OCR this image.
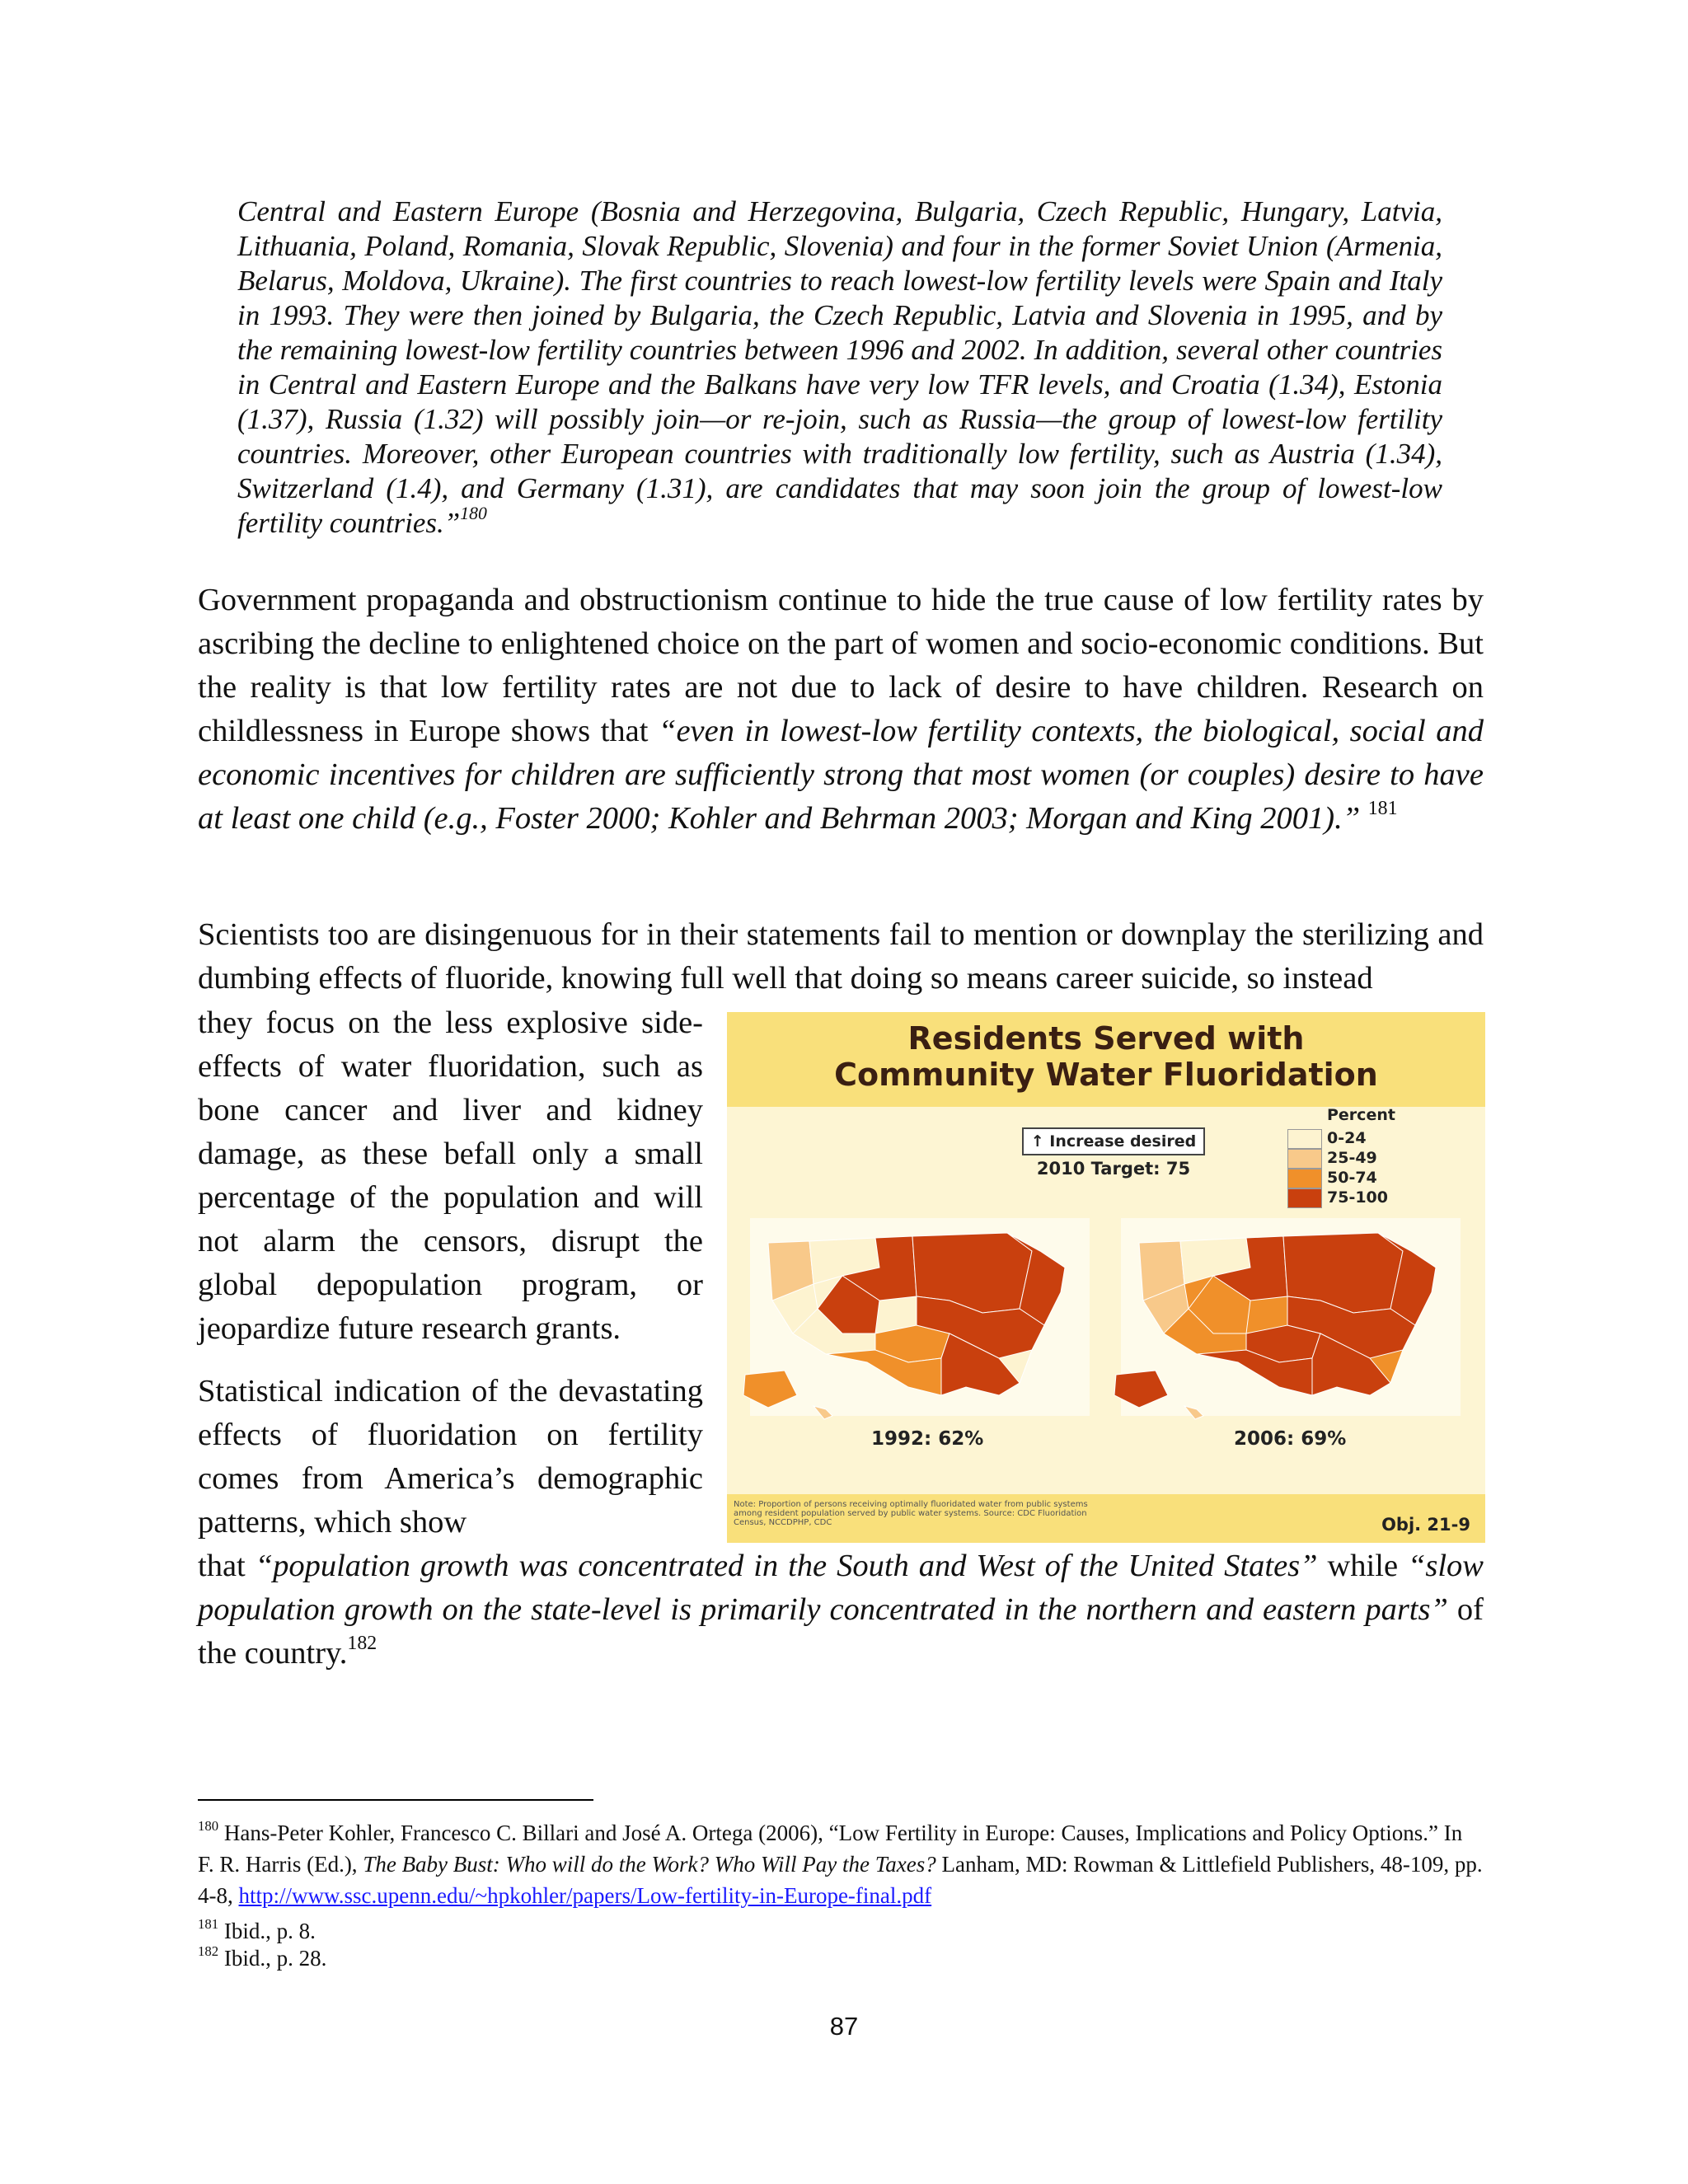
Central and Eastern Europe (Bosnia and Herzegovina, Bulgaria, Czech Republic, Hungary, Latvia, Lithuania, Poland, Romania, Slovak Republic, Slovenia) and four in the former Soviet Union (Armenia, Belarus, Moldova, Ukraine). The first countries to reach lowest-low fertility levels were Spain and Italy in 1993. They were then joined by Bulgaria, the Czech Republic, Latvia and Slovenia in 1995, and by the remaining lowest-low fertility countries between 1996 and 2002. In addition, several other countries in Central and Eastern Europe and the Balkans have very low TFR levels, and Croatia (1.34), Estonia (1.37), Russia (1.32) will possibly join—or re-join, such as Russia—the group of lowest-low fertility countries. Moreover, other European countries with traditionally low fertility, such as Austria (1.34), Switzerland (1.4), and Germany (1.31), are candidates that may soon join the group of lowest-low fertility countries.”$^{180}$
Government propaganda and obstructionism continue to hide the true cause of low fertility rates by ascribing the decline to enlightened choice on the part of women and socio-economic conditions. But the reality is that low fertility rates are not due to lack of desire to have children. Research on childlessness in Europe shows that “even in lowest-low fertility contexts, the biological, social and economic incentives for children are sufficiently strong that most women (or couples) desire to have at least one child (e.g., Foster 2000; Kohler and Behrman 2003; Morgan and King 2001).” $^{181}$
Scientists too are disingenuous for in their statements fail to mention or downplay the sterilizing and dumbing effects of fluoride, knowing full well that doing so means career suicide, so instead
they focus on the less explosive side-effects of water fluoridation, such as bone cancer and liver and kidney damage, as these befall only a small percentage of the population and will not alarm the censors, disrupt the global depopulation program, or jeopardize future research grants.
Statistical indication of the devastating effects of fluoridation on fertility comes from America’s demographic patterns, which show
that “population growth was concentrated in the South and West of the United States” while “slow population growth on the state-level is primarily concentrated in the northern and eastern parts” of the country.$^{182}$
Residents Served with
Community Water Fluoridation
↑ Increase desired
2010 Target: 75
Percent
0-24
25-49
50-74
75-100
1992: 62%	2006: 69%
Note: Proportion of persons receiving optimally fluoridated water from public systems among resident population served by public water systems. Source: CDC Fluoridation Census, NCCDPHP, CDC	Obj. 21-9
$^{180}$ Hans-Peter Kohler, Francesco C. Billari and José A. Ortega (2006), “Low Fertility in Europe: Causes, Implications and Policy Options.” In F. R. Harris (Ed.), The Baby Bust: Who will do the Work? Who Will Pay the Taxes? Lanham, MD: Rowman & Littlefield Publishers, 48-109, pp. 4-8, http://www.ssc.upenn.edu/~hpkohler/papers/Low-fertility-in-Europe-final.pdf
$^{181}$ Ibid., p. 8.
$^{182}$ Ibid., p. 28.
87
